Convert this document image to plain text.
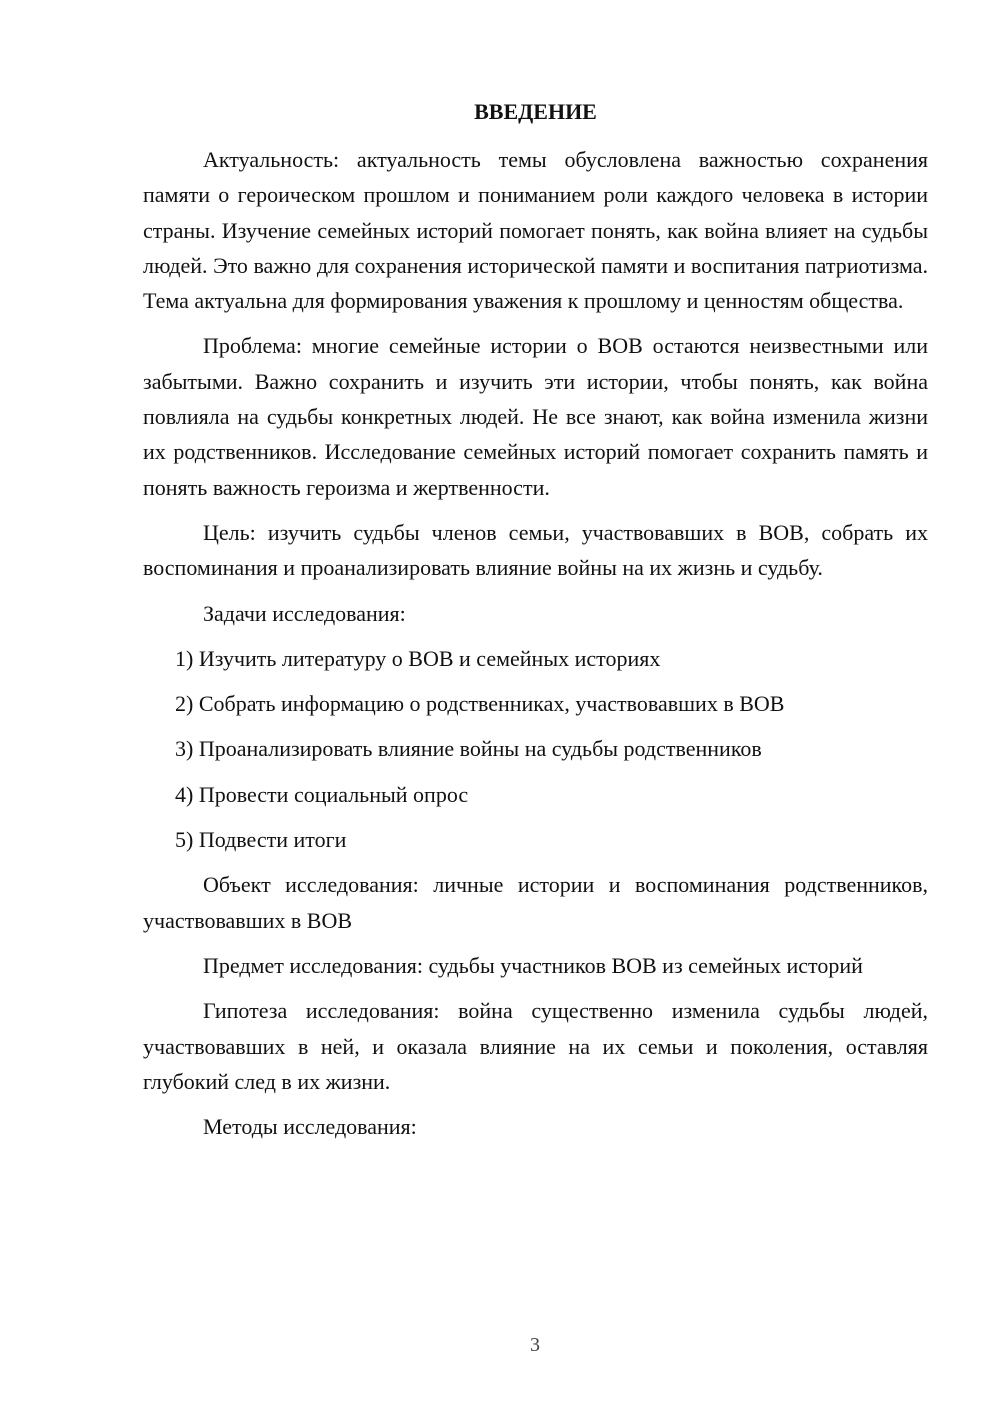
ВВЕДЕНИЕ

Актуальность: актуальность темы обусловлена важностью сохранения памяти о героическом прошлом и пониманием роли каждого человека в истории страны. Изучение семейных историй помогает понять, как война влияет на судьбы людей. Это важно для сохранения исторической памяти и воспитания патриотизма. Тема актуальна для формирования уважения к прошлому и ценностям общества.

Проблема: многие семейные истории о ВОВ остаются неизвестными или забытыми. Важно сохранить и изучить эти истории, чтобы понять, как война повлияла на судьбы конкретных людей. Не все знают, как война изменила жизни их родственников. Исследование семейных историй помогает сохранить память и понять важность героизма и жертвенности.

Цель: изучить судьбы членов семьи, участвовавших в ВОВ, собрать их воспоминания и проанализировать влияние войны на их жизнь и судьбу.

Задачи исследования:

1) Изучить литературу о ВОВ и семейных историях

2) Собрать информацию о родственниках, участвовавших в ВОВ

3) Проанализировать влияние войны на судьбы родственников

4) Провести социальный опрос

5) Подвести итоги

Объект исследования: личные истории и воспоминания родственников, участвовавших в ВОВ

Предмет исследования: судьбы участников ВОВ из семейных историй

Гипотеза исследования: война существенно изменила судьбы людей, участвовавших в ней, и оказала влияние на их семьи и поколения, оставляя глубокий след в их жизни.

Методы исследования:

3
